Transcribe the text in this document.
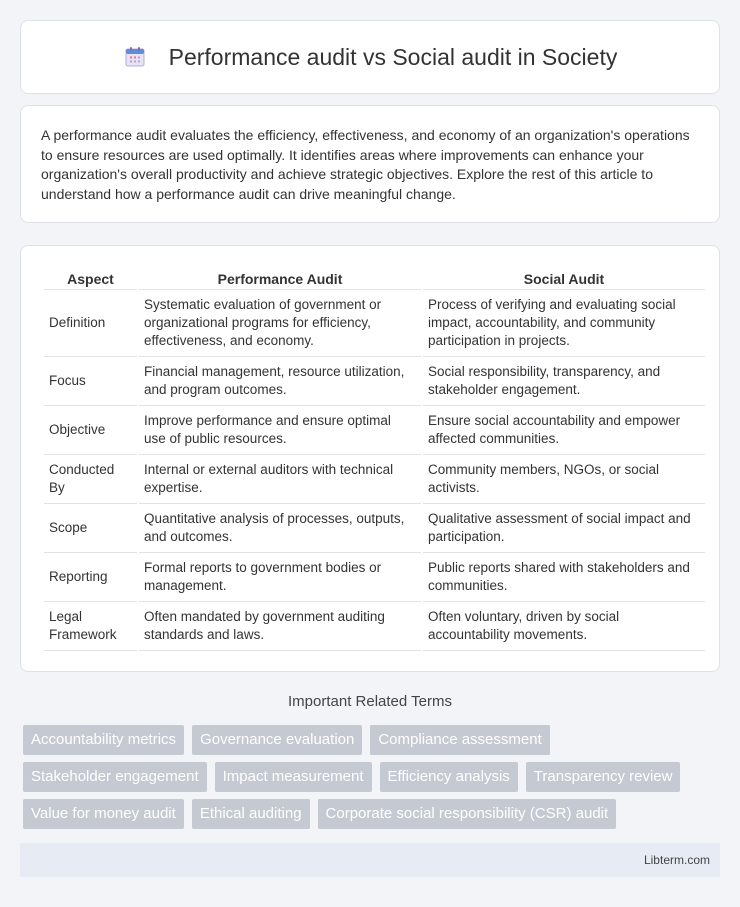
Performance audit vs Social audit in Society

A performance audit evaluates the efficiency, effectiveness, and economy of an organization's operations to ensure resources are used optimally. It identifies areas where improvements can enhance your organization's overall productivity and achieve strategic objectives. Explore the rest of this article to understand how a performance audit can drive meaningful change.

Aspect	Performance Audit	Social Audit
Definition	Systematic evaluation of government or organizational programs for efficiency, effectiveness, and economy.	Process of verifying and evaluating social impact, accountability, and community participation in projects.
Focus	Financial management, resource utilization, and program outcomes.	Social responsibility, transparency, and stakeholder engagement.
Objective	Improve performance and ensure optimal use of public resources.	Ensure social accountability and empower affected communities.
Conducted By	Internal or external auditors with technical expertise.	Community members, NGOs, or social activists.
Scope	Quantitative analysis of processes, outputs, and outcomes.	Qualitative assessment of social impact and participation.
Reporting	Formal reports to government bodies or management.	Public reports shared with stakeholders and communities.
Legal Framework	Often mandated by government auditing standards and laws.	Often voluntary, driven by social accountability movements.
Important Related Terms
Accountability metrics	Governance evaluation	Compliance assessment
Stakeholder engagement	Impact measurement	Efficiency analysis	Transparency review
Value for money audit	Ethical auditing	Corporate social responsibility (CSR) audit
Libterm.com
